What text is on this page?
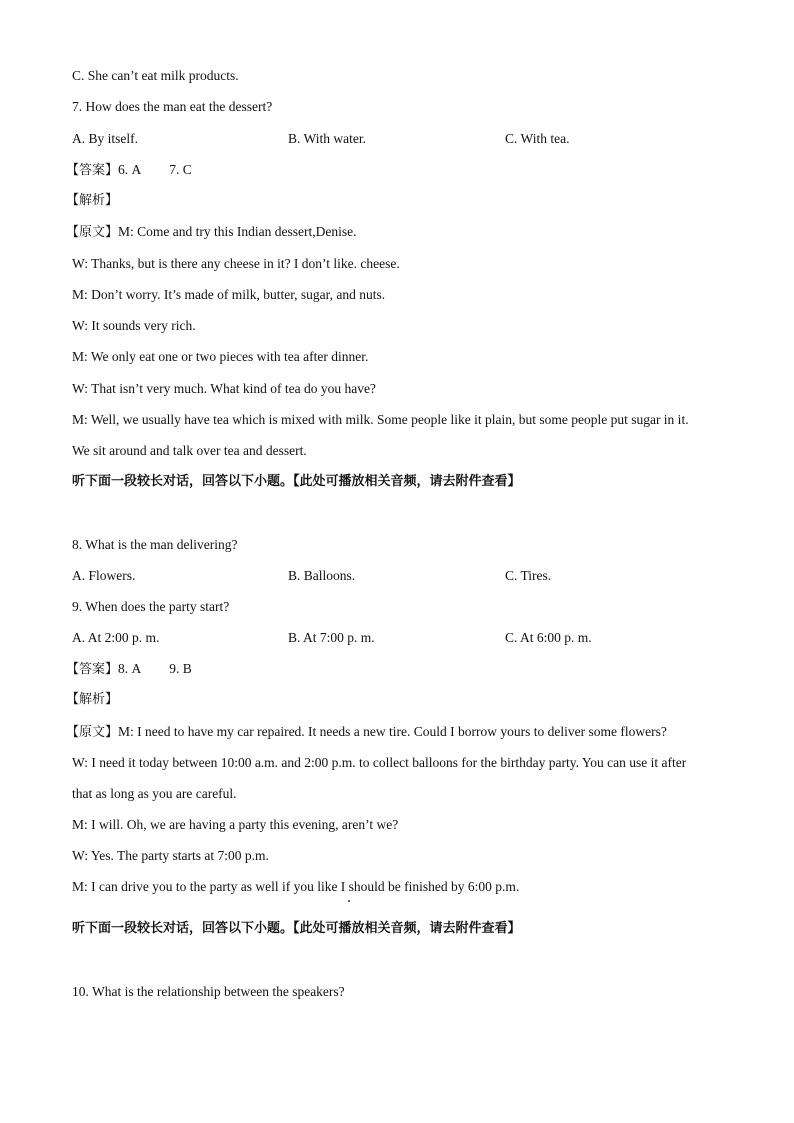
C. She can’t eat milk products.
7. How does the man eat the dessert?
A. By itself.	B. With water.	C. With tea.
【答案】6. A 7. C
【解析】
【原文】M: Come and try this Indian dessert,Denise.
W: Thanks, but is there any cheese in it? I don’t like. cheese.
M: Don’t worry. It’s made of milk, butter, sugar, and nuts.
W: It sounds very rich.
M: We only eat one or two pieces with tea after dinner.
W: That isn’t very much. What kind of tea do you have?
M: Well, we usually have tea which is mixed with milk. Some people like it plain, but some people put sugar in it.
We sit around and talk over tea and dessert.
听下面一段较长对话，回答以下小题。【此处可播放相关音频，请去附件查看】
8. What is the man delivering?
A. Flowers.	B. Balloons.	C. Tires.
9. When does the party start?
A. At 2:00 p. m.	B. At 7:00 p. m.	C. At 6:00 p. m.
【答案】8. A 9. B
【解析】
【原文】M: I need to have my car repaired. It needs a new tire. Could I borrow yours to deliver some flowers?
W: I need it today between 10:00 a.m. and 2:00 p.m. to collect balloons for the birthday party. You can use it after
that as long as you are careful.
M: I will. Oh, we are having a party this evening, aren’t we?
W: Yes. The party starts at 7:00 p.m.
M: I can drive you to the party as well if you like I should be finished by 6:00 p.m.
听下面一段较长对话，回答以下小题。【此处可播放相关音频，请去附件查看】
10. What is the relationship between the speakers?
